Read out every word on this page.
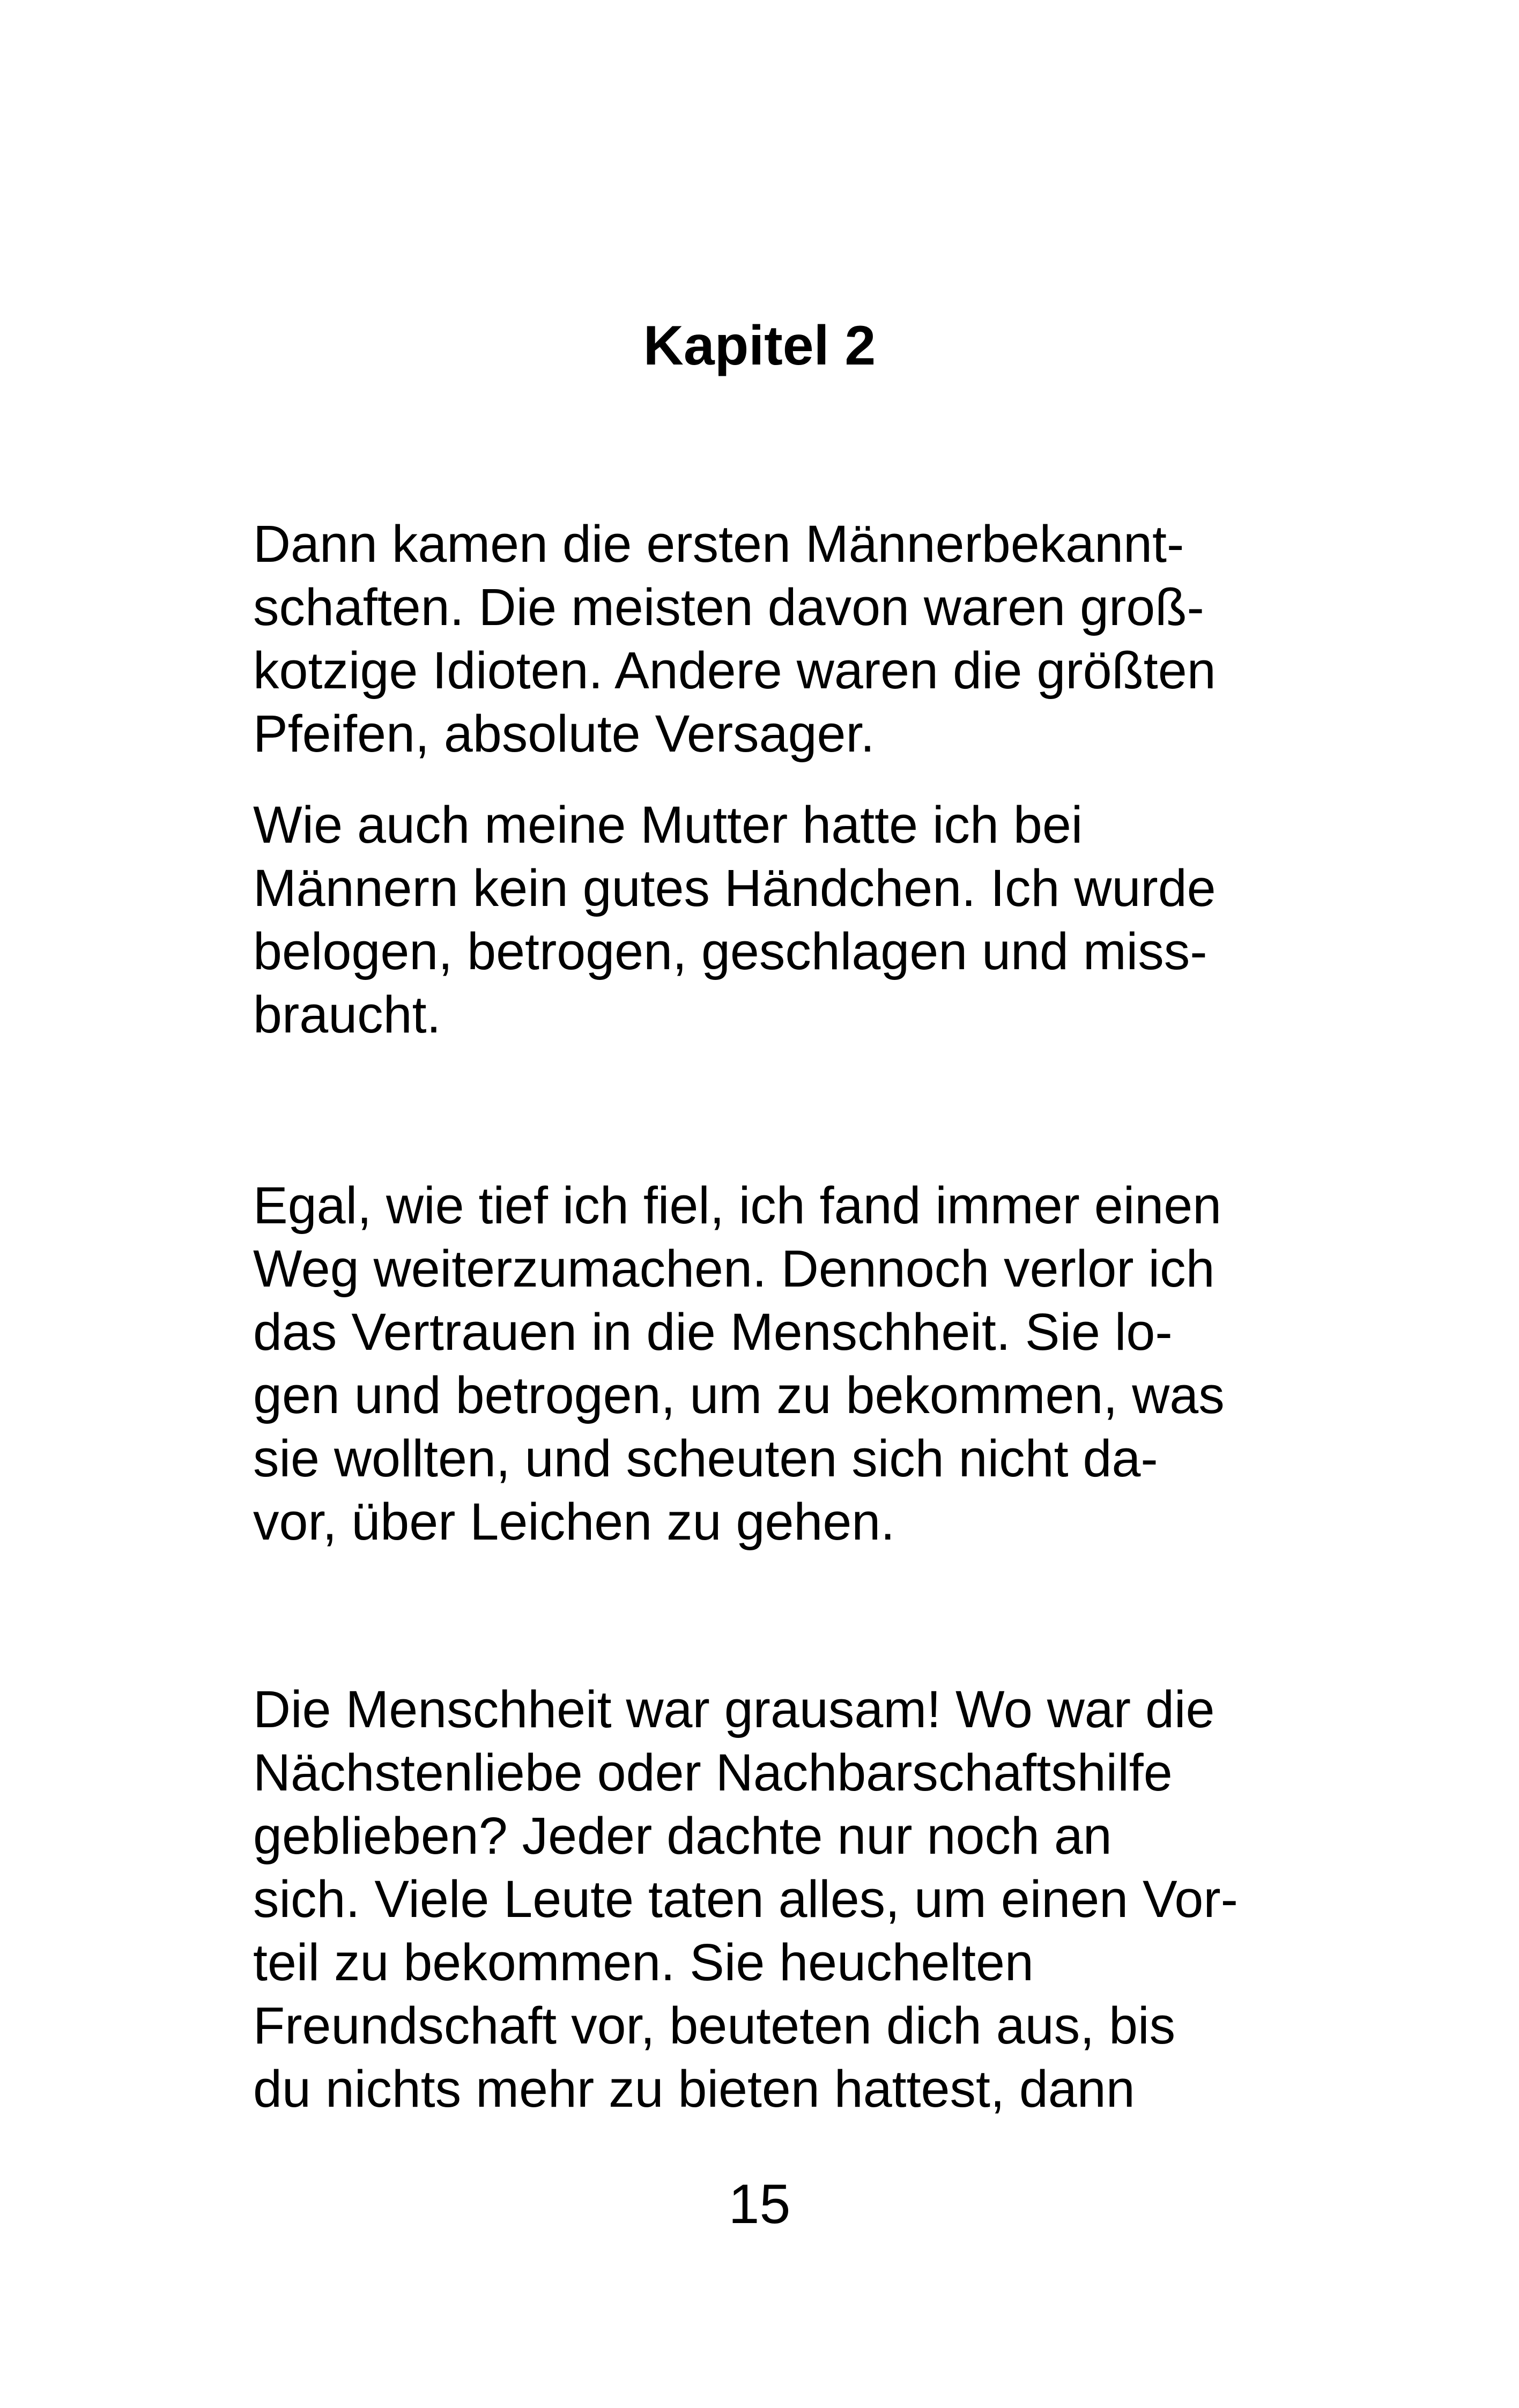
Kapitel 2

Dann kamen die ersten Männerbekannt-

schaften. Die meisten davon waren groß-

kotzige Idioten. Andere waren die größten

Pfeifen, absolute Versager.

Wie auch meine Mutter hatte ich bei

Männern kein gutes Händchen. Ich wurde

belogen, betrogen, geschlagen und miss-

braucht.

Egal, wie tief ich fiel, ich fand immer einen

Weg weiterzumachen. Dennoch verlor ich

das Vertrauen in die Menschheit. Sie lo-

gen und betrogen, um zu bekommen, was

sie wollten, und scheuten sich nicht da-

vor, über Leichen zu gehen.

Die Menschheit war grausam! Wo war die

Nächstenliebe oder Nachbarschaftshilfe

geblieben? Jeder dachte nur noch an

sich. Viele Leute taten alles, um einen Vor-

teil zu bekommen. Sie heuchelten

Freundschaft vor, beuteten dich aus, bis

du nichts mehr zu bieten hattest, dann

15
